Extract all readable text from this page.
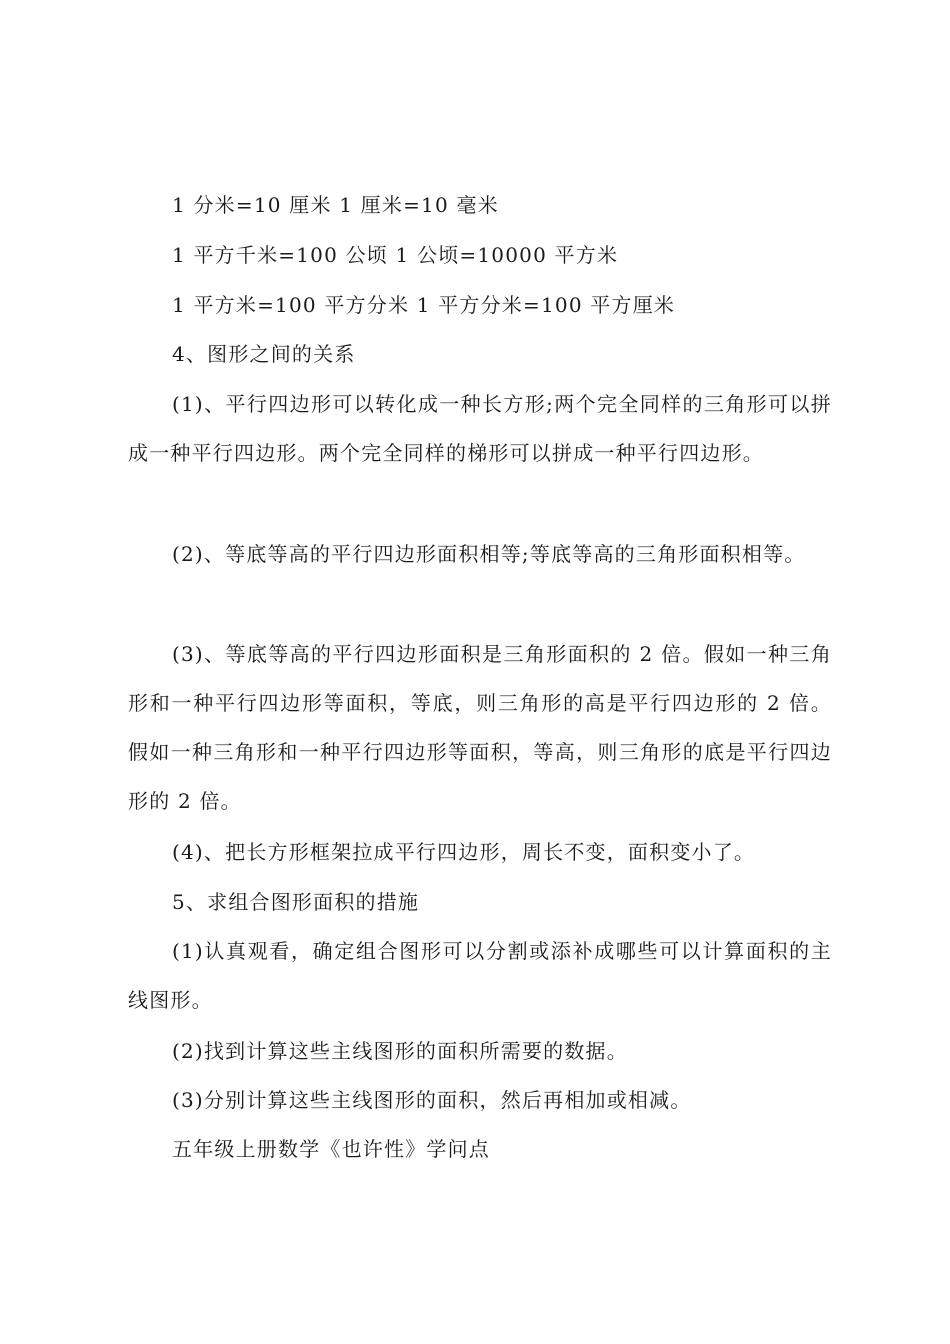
1 分米=10 厘米 1 厘米=10 毫米

1 平方千米=100 公顷 1 公顷=10000 平方米

1 平方米=100 平方分米 1 平方分米=100 平方厘米

4、图形之间的关系

(1)、平行四边形可以转化成一种长方形;两个完全同样的三角形可以拼成一种平行四边形。两个完全同样的梯形可以拼成一种平行四边形。

(2)、等底等高的平行四边形面积相等;等底等高的三角形面积相等。

(3)、等底等高的平行四边形面积是三角形面积的 2 倍。假如一种三角形和一种平行四边形等面积，等底，则三角形的高是平行四边形的 2 倍。假如一种三角形和一种平行四边形等面积，等高，则三角形的底是平行四边形的 2 倍。

(4)、把长方形框架拉成平行四边形，周长不变，面积变小了。

5、求组合图形面积的措施

(1)认真观看，确定组合图形可以分割或添补成哪些可以计算面积的主线图形。

(2)找到计算这些主线图形的面积所需要的数据。

(3)分别计算这些主线图形的面积，然后再相加或相减。

五年级上册数学《也许性》学问点
